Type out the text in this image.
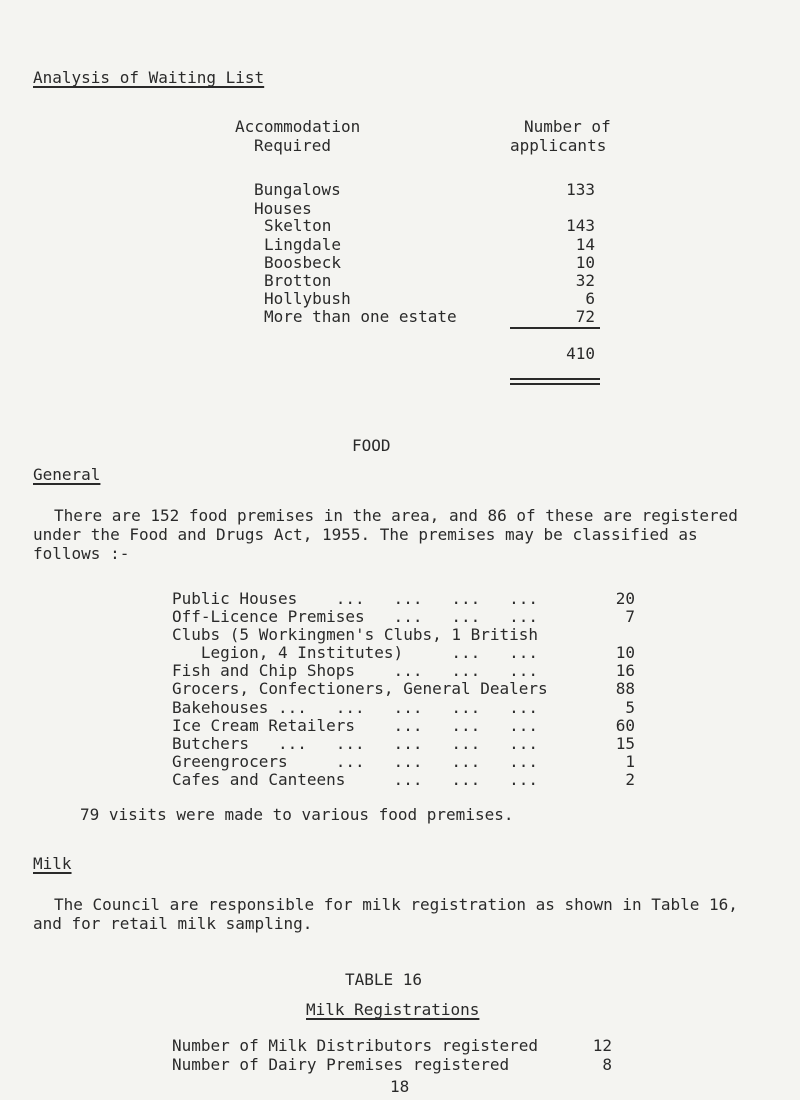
Analysis of Waiting List
Accommodation
Required
Number of
applicants
Bungalows	133
Houses
Skelton	143
Lingdale	14
Boosbeck	10
Brotton	32
Hollybush	6
More than one estate	72
410
FOOD
General
There are 152 food premises in the area, and 86 of these are registered
under the Food and Drugs Act, 1955. The premises may be classified as
follows :-
Public Houses    ...   ...   ...   ...	20
Off-Licence Premises   ...   ...   ...	7
Clubs (5 Workingmen's Clubs, 1 British
Legion, 4 Institutes)     ...   ...	10
Fish and Chip Shops    ...   ...   ...	16
Grocers, Confectioners, General Dealers	88
Bakehouses ...   ...   ...   ...   ...	5
Ice Cream Retailers    ...   ...   ...	60
Butchers   ...   ...   ...   ...   ...	15
Greengrocers     ...   ...   ...   ...	1
Cafes and Canteens     ...   ...   ...	2
79 visits were made to various food premises.
Milk
The Council are responsible for milk registration as shown in Table 16,
and for retail milk sampling.
TABLE 16
Milk Registrations
Number of Milk Distributors registered	12
Number of Dairy Premises registered	8
18
